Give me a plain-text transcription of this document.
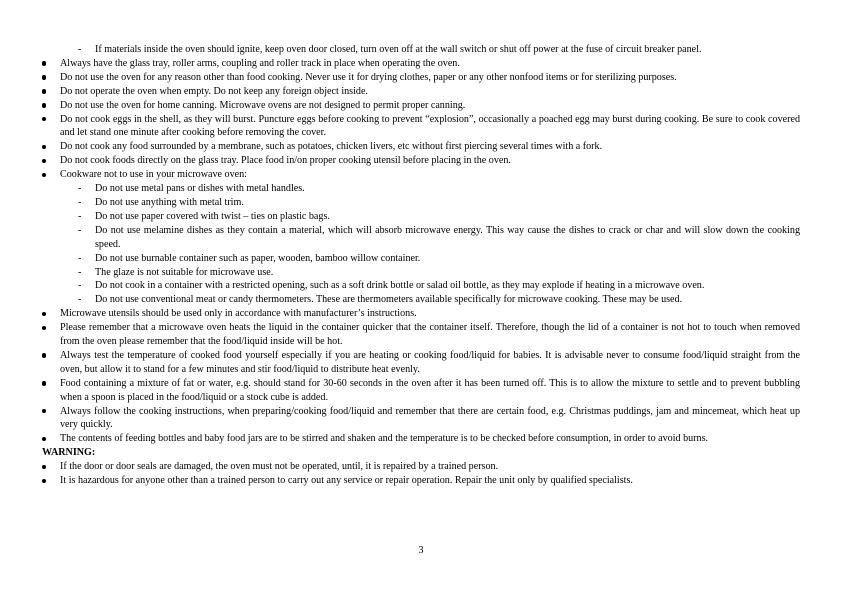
- If materials inside the oven should ignite, keep oven door closed, turn oven off at the wall switch or shut off power at the fuse of circuit breaker panel.
Always have the glass tray, roller arms, coupling and roller track in place when operating the oven.
Do not use the oven for any reason other than food cooking. Never use it for drying clothes, paper or any other nonfood items or for sterilizing purposes.
Do not operate the oven when empty. Do not keep any foreign object inside.
Do not use the oven for home canning. Microwave ovens are not designed to permit proper canning.
Do not cook eggs in the shell, as they will burst. Puncture eggs before cooking to prevent “explosion”, occasionally a poached egg may burst during cooking. Be sure to cook covered and let stand one minute after cooking before removing the cover.
Do not cook any food surrounded by a membrane, such as potatoes, chicken livers, etc without first piercing several times with a fork.
Do not cook foods directly on the glass tray. Place food in/on proper cooking utensil before placing in the oven.
Cookware not to use in your microwave oven:
- Do not use metal pans or dishes with metal handles.
- Do not use anything with metal trim.
- Do not use paper covered with twist – ties on plastic bags.
- Do not use melamine dishes as they contain a material, which will absorb microwave energy. This way cause the dishes to crack or char and will slow down the cooking speed.
- Do not use burnable container such as paper, wooden, bamboo willow container.
- The glaze is not suitable for microwave use.
- Do not cook in a container with a restricted opening, such as a soft drink bottle or salad oil bottle, as they may explode if heating in a microwave oven.
- Do not use conventional meat or candy thermometers. These are thermometers available specifically for microwave cooking. These may be used.
Microwave utensils should be used only in accordance with manufacturer’s instructions.
Please remember that a microwave oven heats the liquid in the container quicker that the container itself. Therefore, though the lid of a container is not hot to touch when removed from the oven please remember that the food/liquid inside will be hot.
Always test the temperature of cooked food yourself especially if you are heating or cooking food/liquid for babies. It is advisable never to consume food/liquid straight from the oven, but allow it to stand for a few minutes and stir food/liquid to distribute heat evenly.
Food containing a mixture of fat or water, e.g. should stand for 30-60 seconds in the oven after it has been turned off. This is to allow the mixture to settle and to prevent bubbling when a spoon is placed in the food/liquid or a stock cube is added.
Always follow the cooking instructions, when preparing/cooking food/liquid and remember that there are certain food, e.g. Christmas puddings, jam and mincemeat, which heat up very quickly.
The contents of feeding bottles and baby food jars are to be stirred and shaken and the temperature is to be checked before consumption, in order to avoid burns.
WARNING:
If the door or door seals are damaged, the oven must not be operated, until, it is repaired by a trained person.
It is hazardous for anyone other than a trained person to carry out any service or repair operation. Repair the unit only by qualified specialists.
3
